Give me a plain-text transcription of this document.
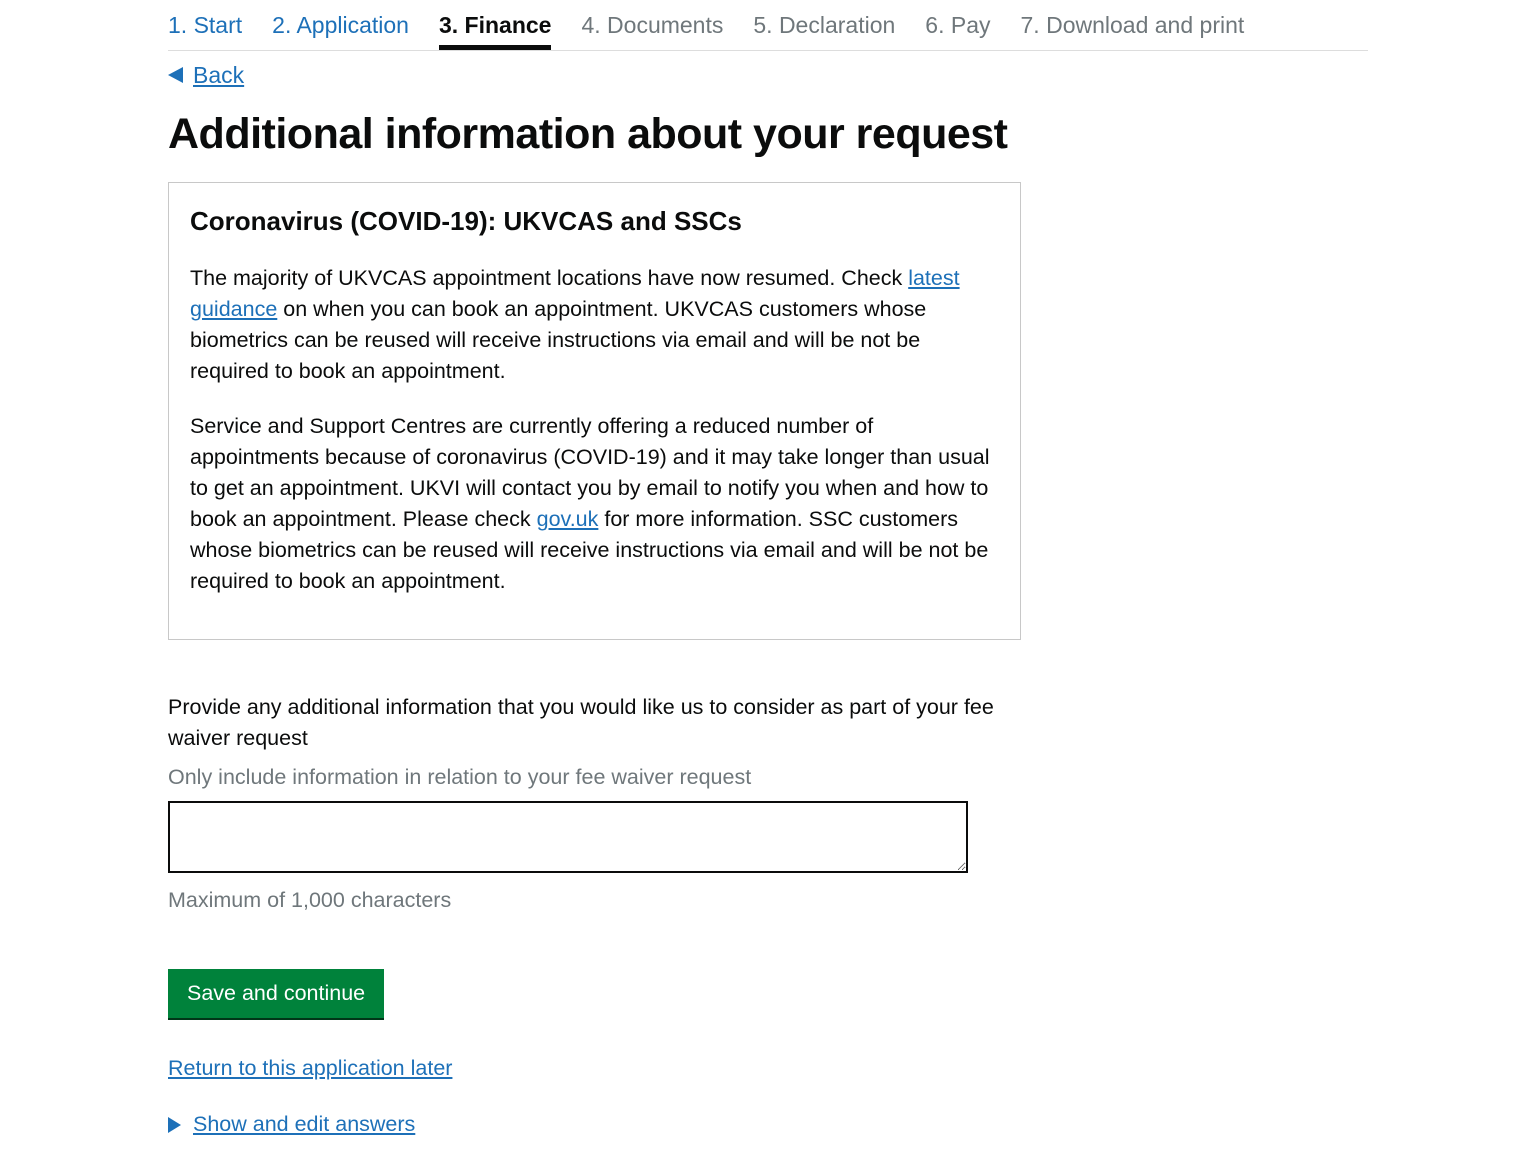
1. Start	2. Application	3. Finance	4. Documents	5. Declaration	6. Pay	7. Download and print
Back
Additional information about your request
Coronavirus (COVID-19): UKVCAS and SSCs

The majority of UKVCAS appointment locations have now resumed. Check latest guidance on when you can book an appointment. UKVCAS customers whose biometrics can be reused will receive instructions via email and will be not be required to book an appointment.

Service and Support Centres are currently offering a reduced number of appointments because of coronavirus (COVID-19) and it may take longer than usual to get an appointment. UKVI will contact you by email to notify you when and how to book an appointment. Please check gov.uk for more information. SSC customers whose biometrics can be reused will receive instructions via email and will be not be required to book an appointment.

Provide any additional information that you would like us to consider as part of your fee waiver request
Only include information in relation to your fee waiver request
Maximum of 1,000 characters
Save and continue
Return to this application later
Show and edit answers
